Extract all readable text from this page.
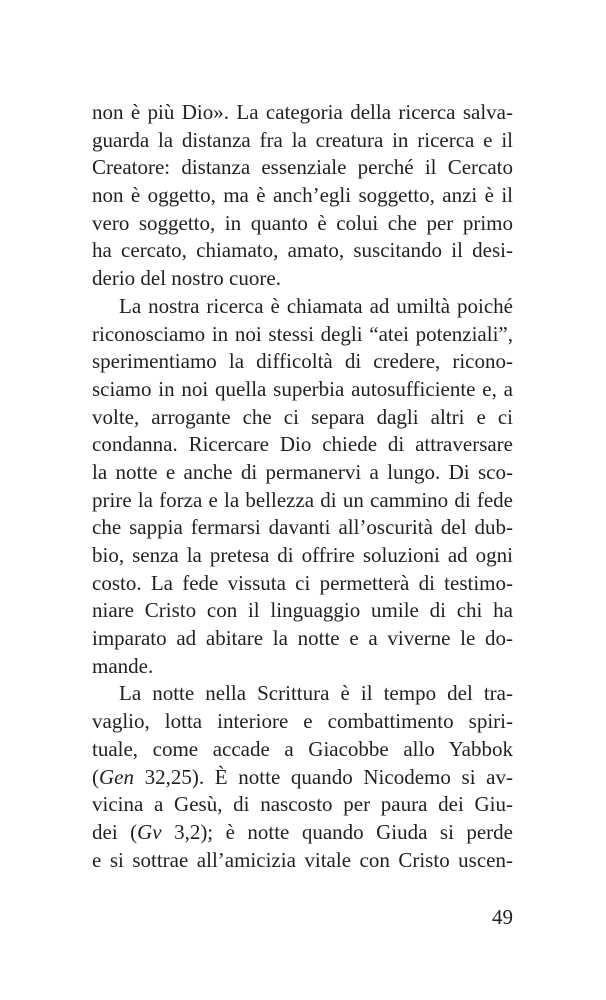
non è più Dio». La categoria della ricerca salva-
guarda la distanza fra la creatura in ricerca e il
Creatore: distanza essenziale perché il Cercato
non è oggetto, ma è anch’egli soggetto, anzi è il
vero soggetto, in quanto è colui che per primo
ha cercato, chiamato, amato, suscitando il desi-
derio del nostro cuore.
La nostra ricerca è chiamata ad umiltà poiché
riconosciamo in noi stessi degli “atei potenziali”,
sperimentiamo la difficoltà di credere, ricono-
sciamo in noi quella superbia autosufficiente e, a
volte, arrogante che ci separa dagli altri e ci
condanna. Ricercare Dio chiede di attraversare
la notte e anche di permanervi a lungo. Di sco-
prire la forza e la bellezza di un cammino di fede
che sappia fermarsi davanti all’oscurità del dub-
bio, senza la pretesa di offrire soluzioni ad ogni
costo. La fede vissuta ci permetterà di testimo-
niare Cristo con il linguaggio umile di chi ha
imparato ad abitare la notte e a viverne le do-
mande.
La notte nella Scrittura è il tempo del tra-
vaglio, lotta interiore e combattimento spiri-
tuale, come accade a Giacobbe allo Yabbok
(Gen 32,25). È notte quando Nicodemo si av-
vicina a Gesù, di nascosto per paura dei Giu-
dei (Gv 3,2); è notte quando Giuda si perde
e si sottrae all’amicizia vitale con Cristo uscen-
49
